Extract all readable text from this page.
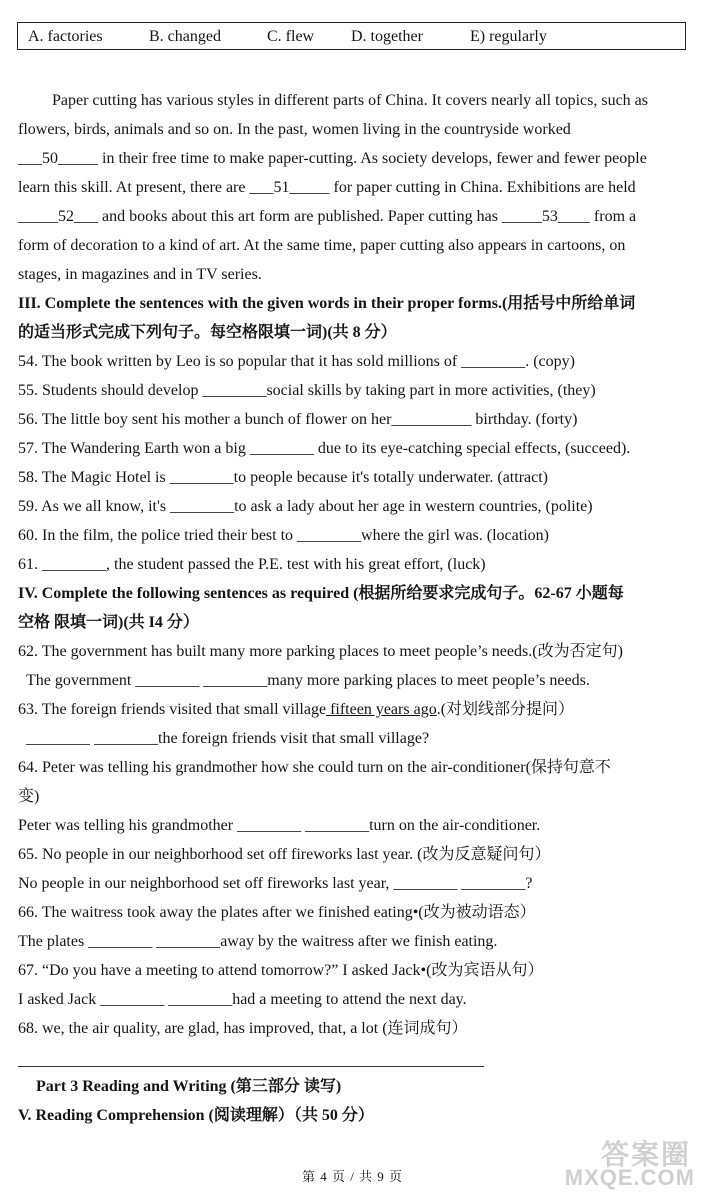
A. factories	B. changed	C. flew D. together	E) regularly
Paper cutting has various styles in different parts of China. It covers nearly all topics, such as
flowers, birds, animals and so on. In the past, women living in the countryside worked
___50_____ in their free time to make paper-cutting. As society develops, fewer and fewer people
learn this skill. At present, there are ___51_____ for paper cutting in China. Exhibitions are held
_____52___ and books about this art form are published. Paper cutting has _____53____ from a
form of decoration to a kind of art. At the same time, paper cutting also appears in cartoons, on
stages, in magazines and in TV series.
III. Complete the sentences with the given words in their proper forms.(用括号中所给单词
的适当形式完成下列句子。每空格限填一词)(共 8 分）
54. The book written by Leo is so popular that it has sold millions of ________. (copy)
55. Students should develop ________social skills by taking part in more activities, (they)
56. The little boy sent his mother a bunch of flower on her__________ birthday. (forty)
57. The Wandering Earth won a big ________ due to its eye-catching special effects, (succeed).
58. The Magic Hotel is ________to people because it's totally underwater. (attract)
59. As we all know, it's ________to ask a lady about her age in western countries, (polite)
60. In the film, the police tried their best to ________where the girl was. (location)
61. ________, the student passed the P.E. test with his great effort, (luck)
IV. Complete the following sentences as required (根据所给要求完成句子。62-67 小题每
空格 限填一词)(共 I4 分）
62. The government has built many more parking places to meet people’s needs.(改为否定句)
The government ________ ________many more parking places to meet people’s needs.
63. The foreign friends visited that small village fifteen years ago.(对划线部分提问）
________ ________the foreign friends visit that small village?
64. Peter was telling his grandmother how she could turn on the air-conditioner(保持句意不
变)
Peter was telling his grandmother ________ ________turn on the air-conditioner.
65. No people in our neighborhood set off fireworks last year. (改为反意疑问句）
No people in our neighborhood set off fireworks last year, ________ ________?
66. The waitress took away the plates after we finished eating•(改为被动语态）
The plates ________ ________away by the waitress after we finish eating.
67. “Do you have a meeting to attend tomorrow?” I asked Jack•(改为宾语从句）
I asked Jack ________ ________had a meeting to attend the next day.
68. we, the air quality, are glad, has improved, that, a lot (连词成句）
Part 3 Reading and Writing (第三部分 读写)
V. Reading Comprehension (阅读理解）（共 50 分）
第 4 页 / 共 9 页
答案圈
MXQE.COM
